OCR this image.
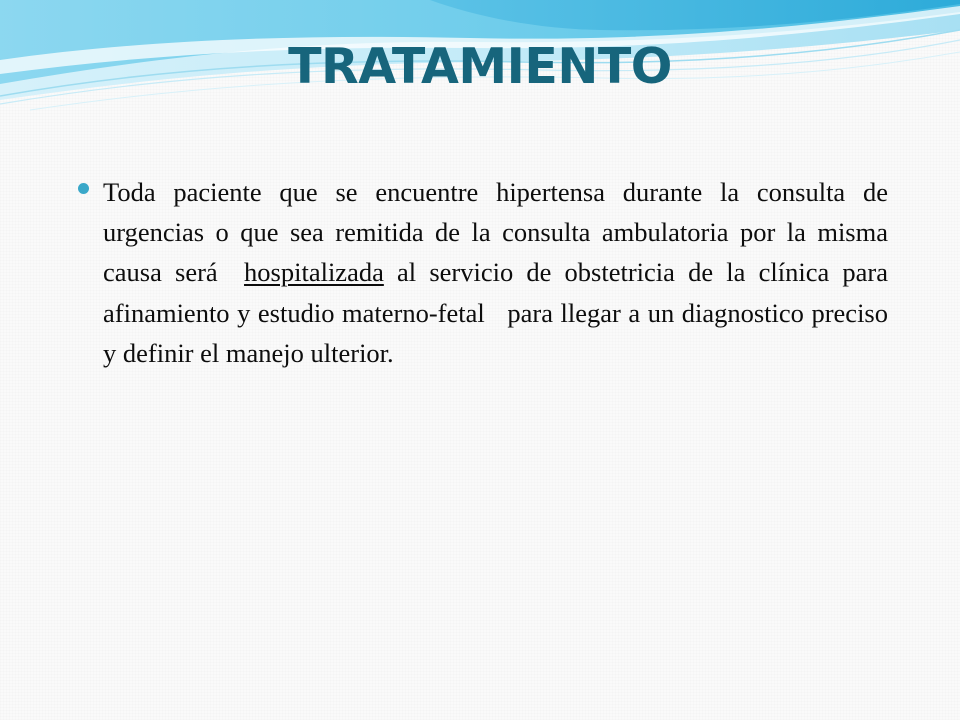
TRATAMIENTO

Toda paciente que se encuentre hipertensa durante la consulta de urgencias o que sea remitida de la consulta ambulatoria por la misma causa será  hospitalizada al servicio de obstetricia de la clínica para afinamiento y estudio materno-fetal   para llegar a un diagnostico preciso y definir el manejo ulterior.
